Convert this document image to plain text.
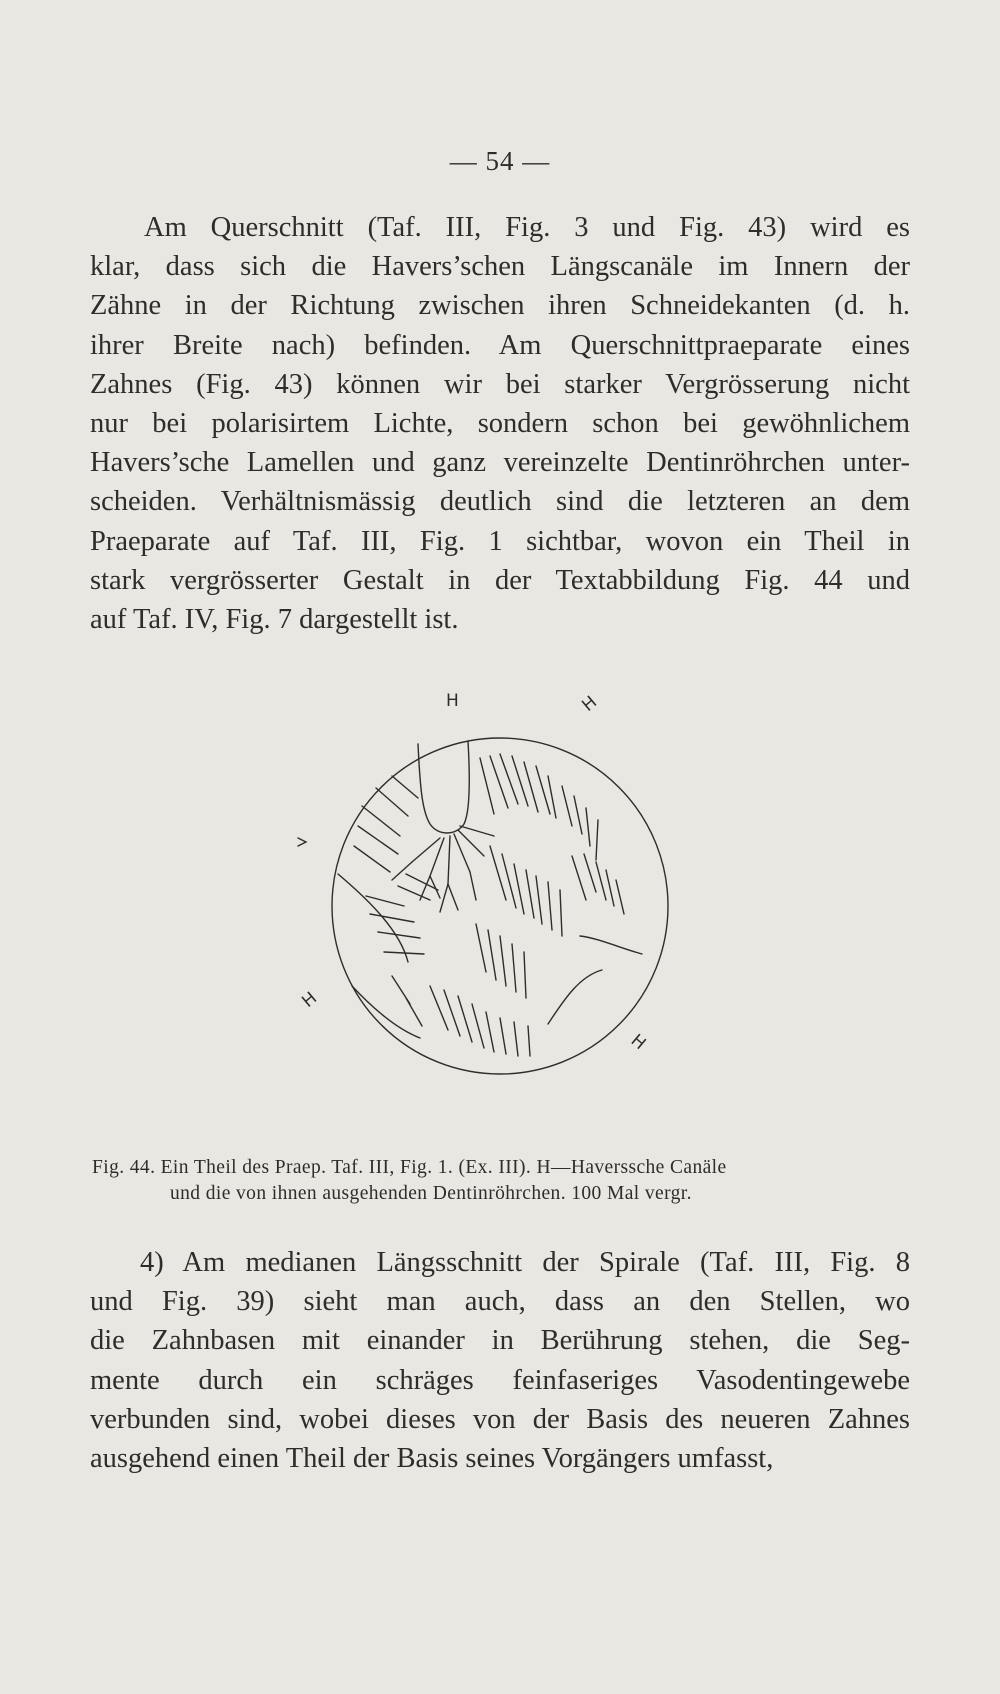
— 54 —

Am Querschnitt (Taf. III, Fig. 3 und Fig. 43) wird es

klar, dass sich die Havers’schen Längscanäle im Innern der

Zähne in der Richtung zwischen ihren Schneidekanten (d. h.

ihrer Breite nach) befinden. Am Querschnittpraeparate eines

Zahnes (Fig. 43) können wir bei starker Vergrösserung nicht

nur bei polarisirtem Lichte, sondern schon bei gewöhnlichem

Havers’sche Lamellen und ganz vereinzelte Dentinröhrchen unter-

scheiden. Verhältnismässig deutlich sind die letzteren an dem

Praeparate auf Taf. III, Fig. 1 sichtbar, wovon ein Theil in

stark vergrösserter Gestalt in der Textabbildung Fig. 44 und

auf Taf. IV, Fig. 7 dargestellt ist.

H	H
H
H

Fig. 44. Ein Theil des Praep. Taf. III, Fig. 1. (Ex. III). H—Haverssche Canäle

und die von ihnen ausgehenden Dentinröhrchen. 100 Mal vergr.

4) Am medianen Längsschnitt der Spirale (Taf. III, Fig. 8

und Fig. 39) sieht man auch, dass an den Stellen, wo

die Zahnbasen mit einander in Berührung stehen, die Seg-

mente durch ein schräges feinfaseriges Vasodentingewebe

verbunden sind, wobei dieses von der Basis des neueren Zahnes

ausgehend einen Theil der Basis seines Vorgängers umfasst,
